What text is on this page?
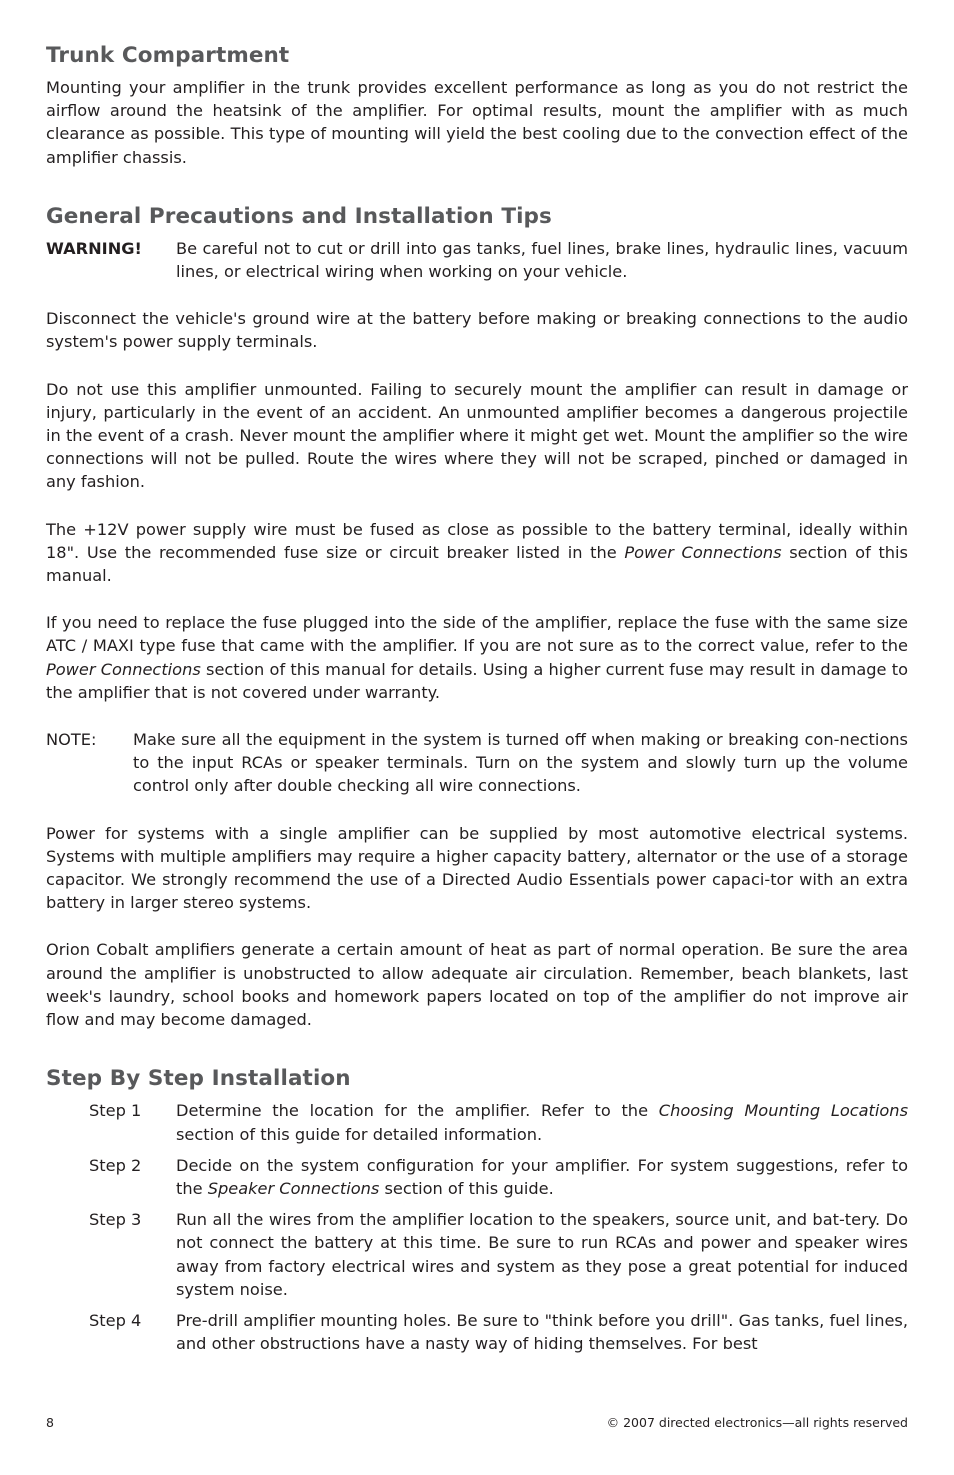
Trunk Compartment

Mounting your amplifier in the trunk provides excellent performance as long as you do not restrict the airflow around the heatsink of the amplifier. For optimal results, mount the amplifier with as much clearance as possible. This type of mounting will yield the best cooling due to the convection effect of the amplifier chassis.

General Precautions and Installation Tips
WARNING!	Be careful not to cut or drill into gas tanks, fuel lines, brake lines, hydraulic lines, vacuum lines, or electrical wiring when working on your vehicle.

Disconnect the vehicle's ground wire at the battery before making or breaking connections to the audio system's power supply terminals.

Do not use this amplifier unmounted. Failing to securely mount the amplifier can result in damage or injury, particularly in the event of an accident. An unmounted amplifier becomes a dangerous projectile in the event of a crash. Never mount the amplifier where it might get wet. Mount the amplifier so the wire connections will not be pulled. Route the wires where they will not be scraped, pinched or damaged in any fashion.

The +12V power supply wire must be fused as close as possible to the battery terminal, ideally within 18". Use the recommended fuse size or circuit breaker listed in the Power Connections section of this manual.

If you need to replace the fuse plugged into the side of the amplifier, replace the fuse with the same size ATC / MAXI type fuse that came with the amplifier. If you are not sure as to the correct value, refer to the Power Connections section of this manual for details. Using a higher current fuse may result in damage to the amplifier that is not covered under warranty.

NOTE:	Make sure all the equipment in the system is turned off when making or breaking con-nections to the input RCAs or speaker terminals. Turn on the system and slowly turn up the volume control only after double checking all wire connections.

Power for systems with a single amplifier can be supplied by most automotive electrical systems. Systems with multiple amplifiers may require a higher capacity battery, alternator or the use of a storage capacitor. We strongly recommend the use of a Directed Audio Essentials power capaci-tor with an extra battery in larger stereo systems.

Orion Cobalt amplifiers generate a certain amount of heat as part of normal operation. Be sure the area around the amplifier is unobstructed to allow adequate air circulation. Remember, beach blankets, last week's laundry, school books and homework papers located on top of the amplifier do not improve air flow and may become damaged.

Step By Step Installation
Step 1	Determine the location for the amplifier. Refer to the Choosing Mounting Locations section of this guide for detailed information.
Step 2	Decide on the system configuration for your amplifier. For system suggestions, refer to the Speaker Connections section of this guide.
Step 3	Run all the wires from the amplifier location to the speakers, source unit, and bat-tery. Do not connect the battery at this time. Be sure to run RCAs and power and speaker wires away from factory electrical wires and system as they pose a great potential for induced system noise.
Step 4	Pre-drill amplifier mounting holes. Be sure to "think before you drill". Gas tanks, fuel lines, and other obstructions have a nasty way of hiding themselves. For best
8	© 2007 directed electronics—all rights reserved
